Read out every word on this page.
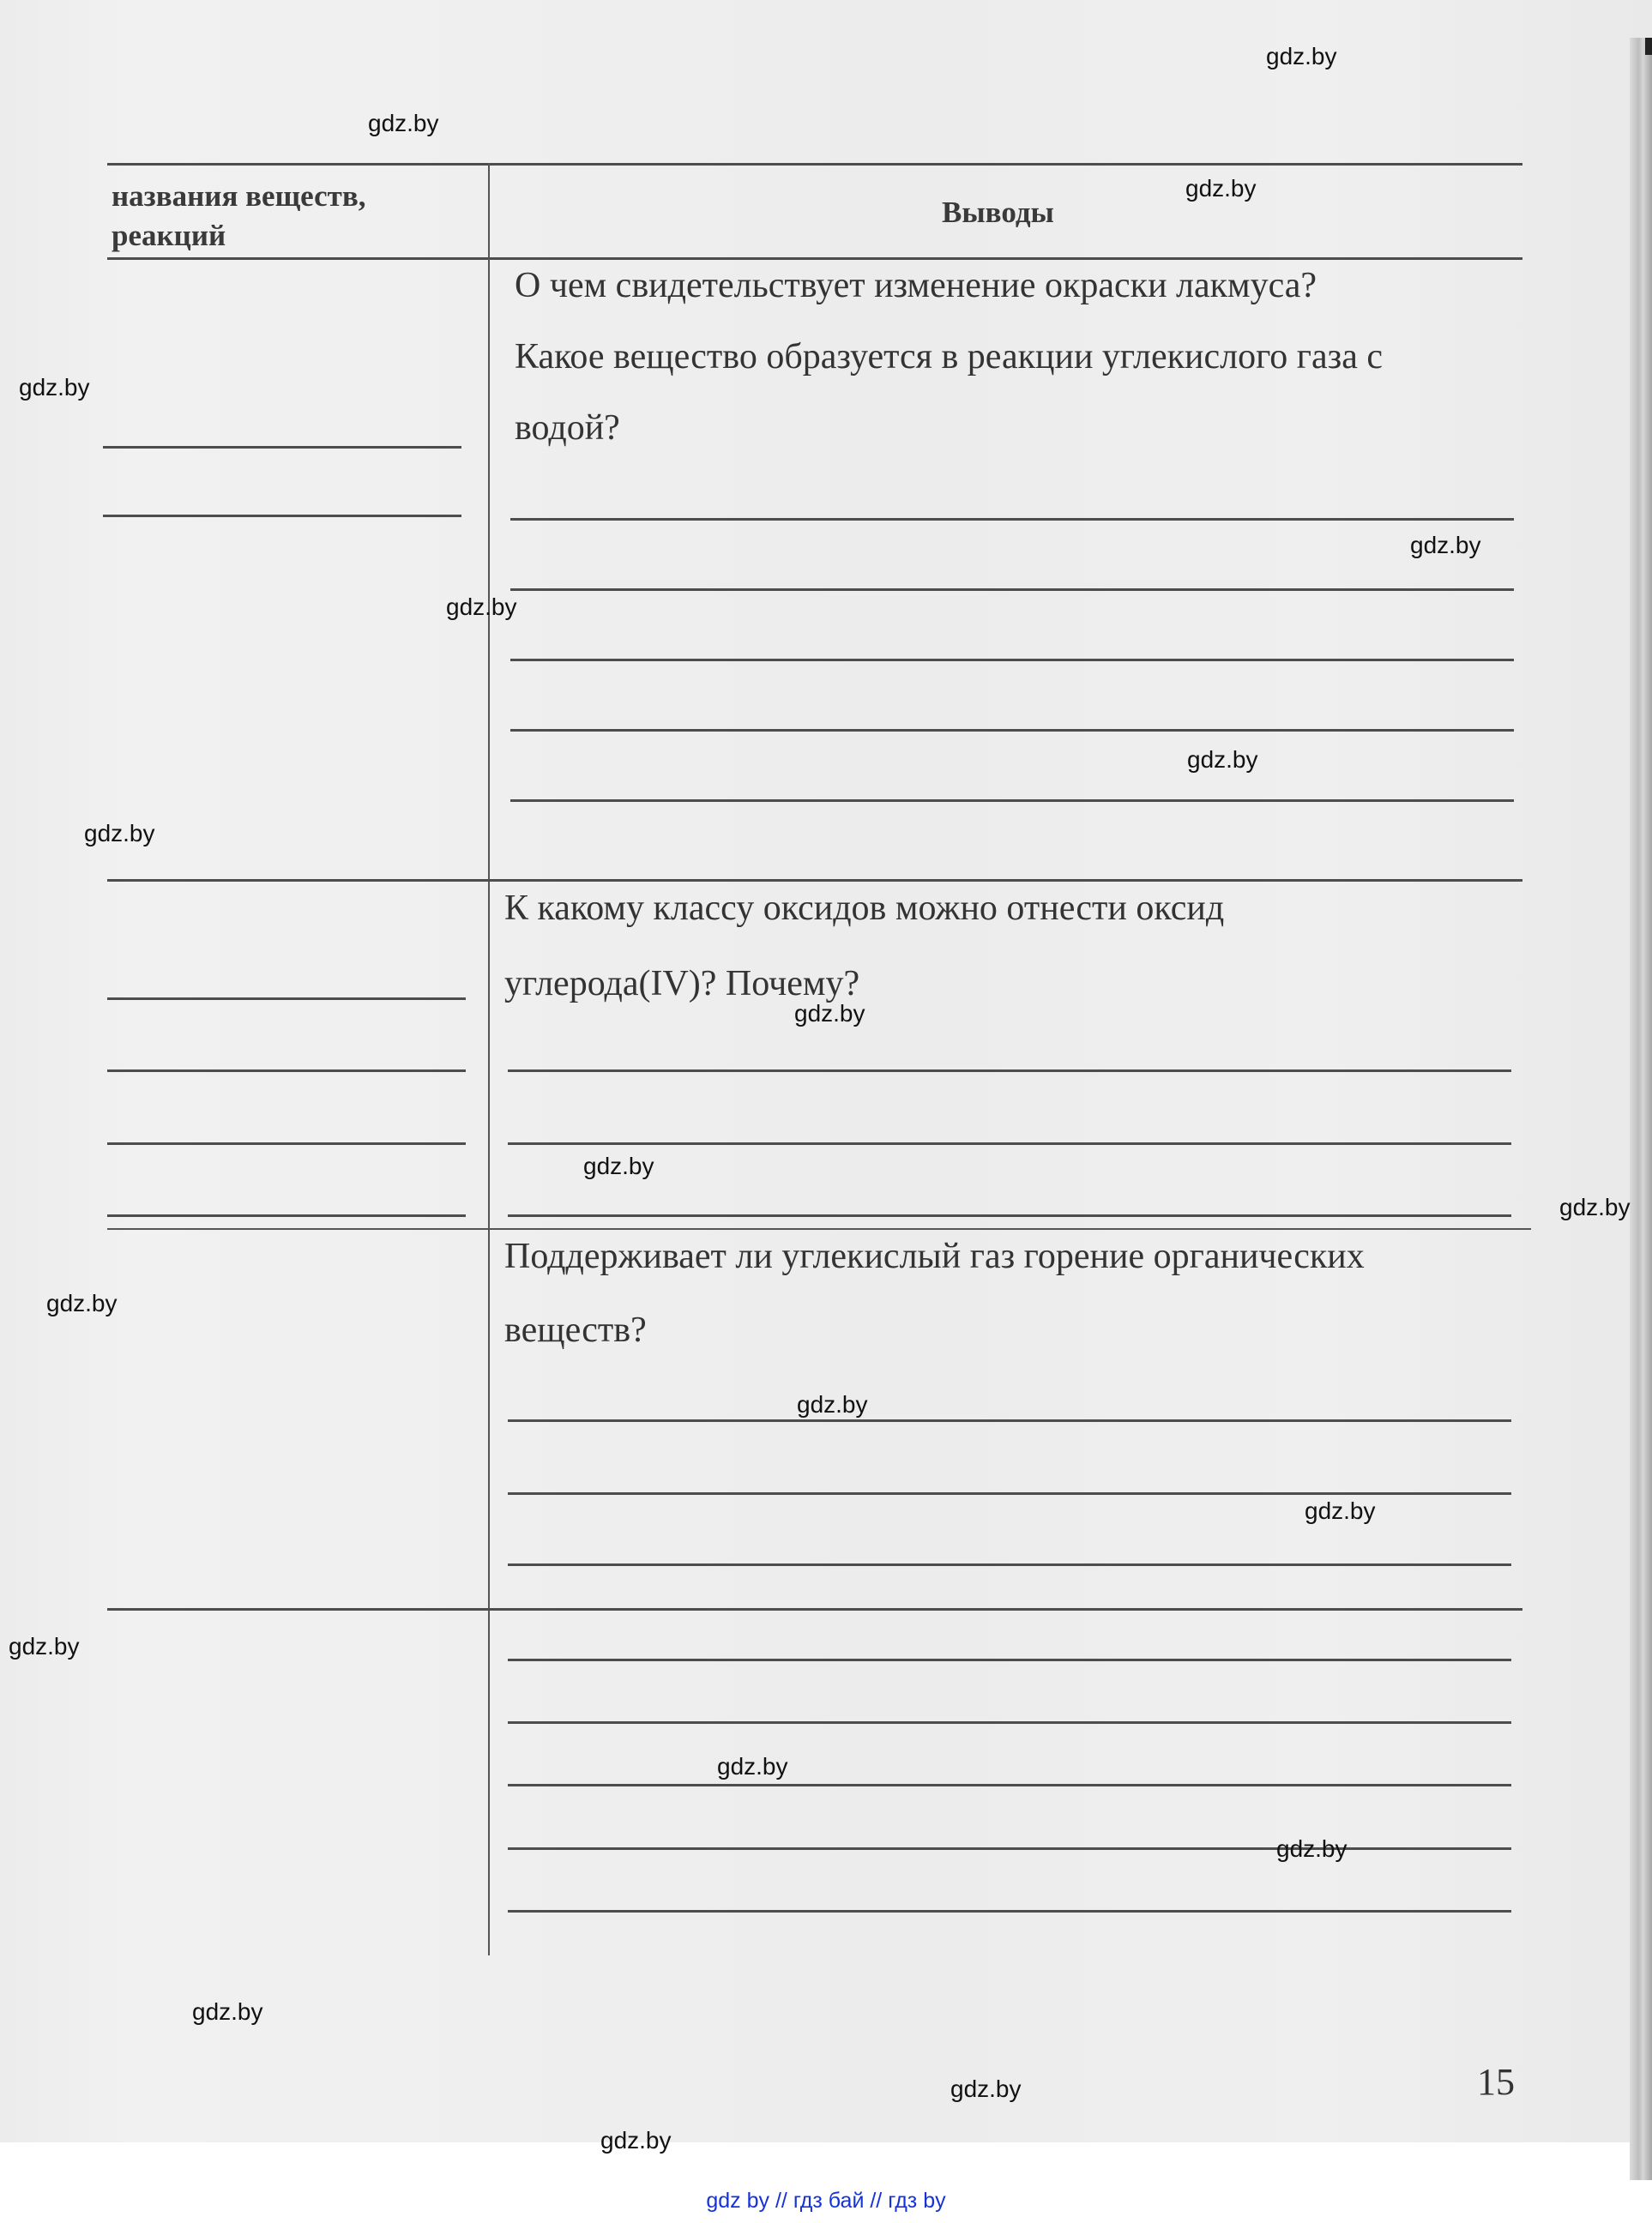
названия веществ, реакций
Выводы
О чем свидетельствует изменение окраски лакмуса?
Какое вещество образуется в реакции углекислого газа с
водой?
К какому классу оксидов можно отнести оксид
углерода(IV)? Почему?
Поддерживает ли углекислый газ горение органических
веществ?
15
gdz.by
gdz.by
gdz.by
gdz.by
gdz.by
gdz.by
gdz.by
gdz.by
gdz.by
gdz.by
gdz.by
gdz.by
gdz.by
gdz.by
gdz.by
gdz.by
gdz.by
gdz.by
gdz.by
gdz.by
gdz by // гдз бай // гдз by
